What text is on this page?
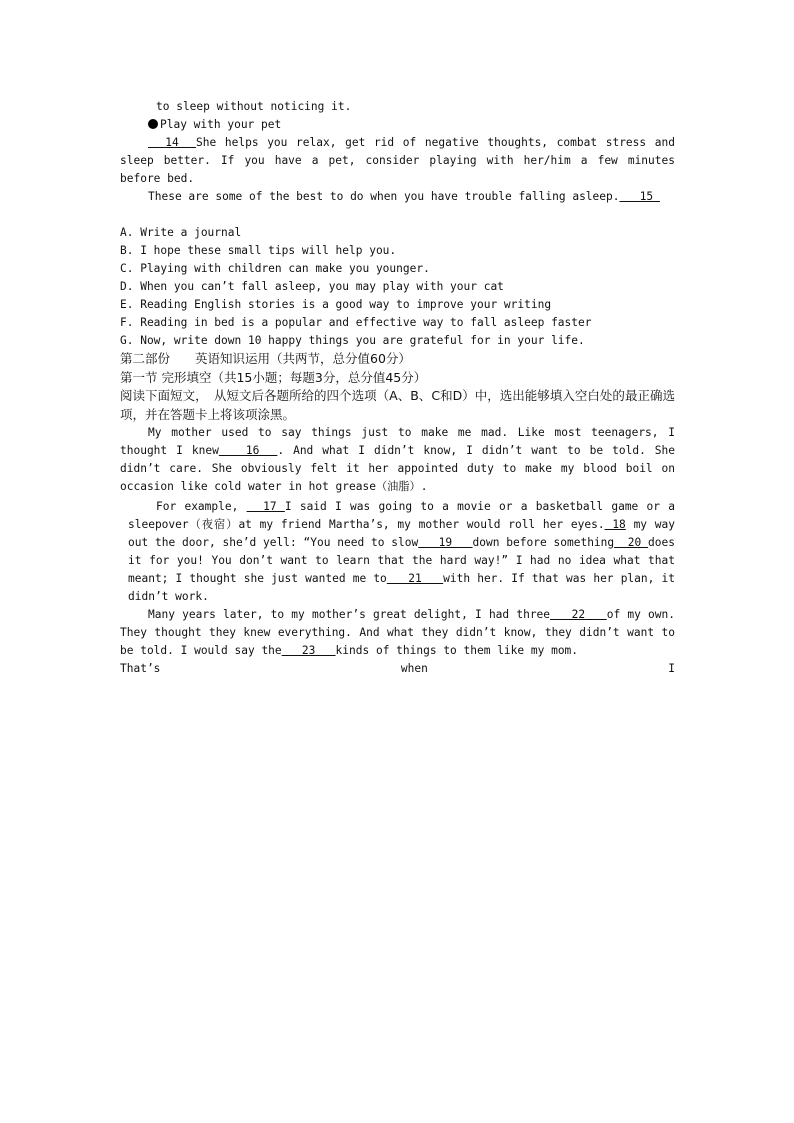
to sleep without noticing it.

Play with your pet

14  She helps you relax, get rid of negative thoughts, combat stress and sleep better. If you have a pet, consider playing with her/him a few minutes before bed.

These are some of the best to do when you have trouble falling asleep.   15

A. Write a journal

B. I hope these small tips will help you.

C. Playing with children can make you younger.

D. When you can’t fall asleep, you may play with your cat

E. Reading English stories is a good way to improve your writing

F. Reading in bed is a popular and effective way to fall asleep faster

G. Now, write down 10 happy things you are grateful for in your life.

第二部份　　英语知识运用（共两节，总分值60分）

第一节 完形填空（共15小题；每题3分，总分值45分）

阅读下面短文，　从短文后各题所给的四个选项（A、B、C和D）中，选出能够填入空白处的最正确选项，并在答题卡上将该项涂黑。

My mother used to say things just to make me mad. Like most teenagers, I thought I knew   16  . And what I didn’t know, I didn’t want to be told. She didn’t care. She obviously felt it her appointed duty to make my blood boil on occasion like cold water in hot grease（油脂）.

For example,   17 I said I was going to a movie or a basketball game or a sleepover（夜宿）at my friend Martha’s, my mother would roll her eyes. 18 my way out the door, she’d yell: “You need to slow   19   down before something  20 does it for you! You don’t want to learn that the hard way!” I had no idea what that meant; I thought she just wanted me to   21   with her. If that was her plan, it didn’t work.

Many years later, to my mother’s great delight, I had three   22   of my own. They thought they knew everything. And what they didn’t know, they didn’t want to be told. I would say the   23   kinds of things to them like my mom.

That’s	when	I
